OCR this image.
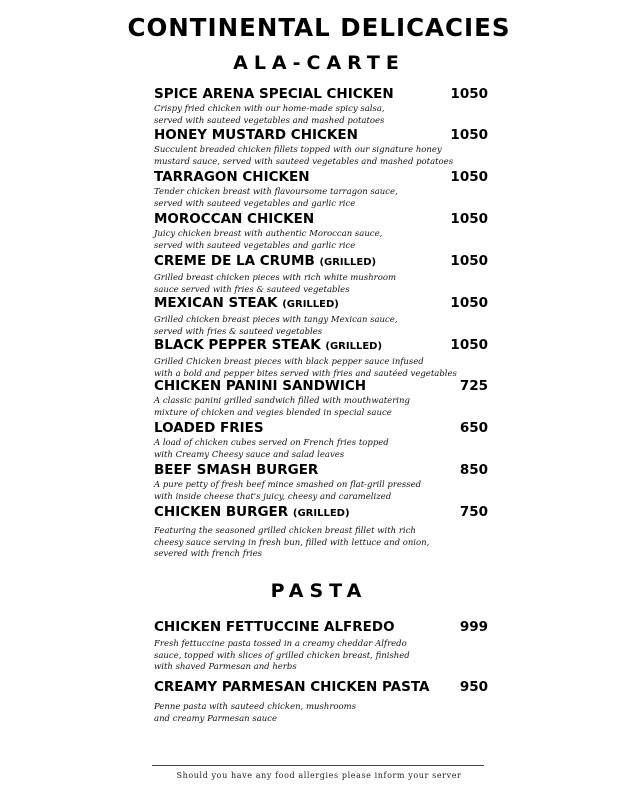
CONTINENTAL DELICACIES
ALA-CARTE
SPICE ARENA SPECIAL CHICKEN	1050
Crispy fried chicken with our home-made spicy salsa,
served with sauteed vegetables and mashed potatoes
HONEY MUSTARD CHICKEN	1050
Succulent breaded chicken fillets topped with our signature honey
mustard sauce, served with sauteed vegetables and mashed potatoes
TARRAGON CHICKEN	1050
Tender chicken breast with flavoursome tarragon sauce,
served with sauteed vegetables and garlic rice
MOROCCAN CHICKEN	1050
Juicy chicken breast with authentic Moroccan sauce,
served with sauteed vegetables and garlic rice
CREME DE LA CRUMB (GRILLED)	1050
Grilled breast chicken pieces with rich white mushroom
sauce served with fries & sauteed vegetables
MEXICAN STEAK (GRILLED)	1050
Grilled chicken breast pieces with tangy Mexican sauce,
served with fries & sauteed vegetables
BLACK PEPPER STEAK (GRILLED)	1050
Grilled Chicken breast pieces with black pepper sauce infused
with a bold and pepper bites served with fries and sautéed vegetables
CHICKEN PANINI SANDWICH	725
A classic panini grilled sandwich filled with mouthwatering
mixture of chicken and vegies blended in special sauce
LOADED FRIES	650
A load of chicken cubes served on French fries topped
with Creamy Cheesy sauce and salad leaves
BEEF SMASH BURGER	850
A pure petty of fresh beef mince smashed on flat-grill pressed
with inside cheese that's juicy, cheesy and caramelized
CHICKEN BURGER (GRILLED)	750
Featuring the seasoned grilled chicken breast fillet with rich
cheesy sauce serving in fresh bun, filled with lettuce and onion,
severed with french fries
PASTA
CHICKEN FETTUCCINE ALFREDO	999
Fresh fettuccine pasta tossed in a creamy cheddar Alfredo
sauce, topped with slices of grilled chicken breast, finished
with shaved Parmesan and herbs
CREAMY PARMESAN CHICKEN PASTA	950
Penne pasta with sauteed chicken, mushrooms
and creamy Parmesan sauce
Should you have any food allergies please inform your server
